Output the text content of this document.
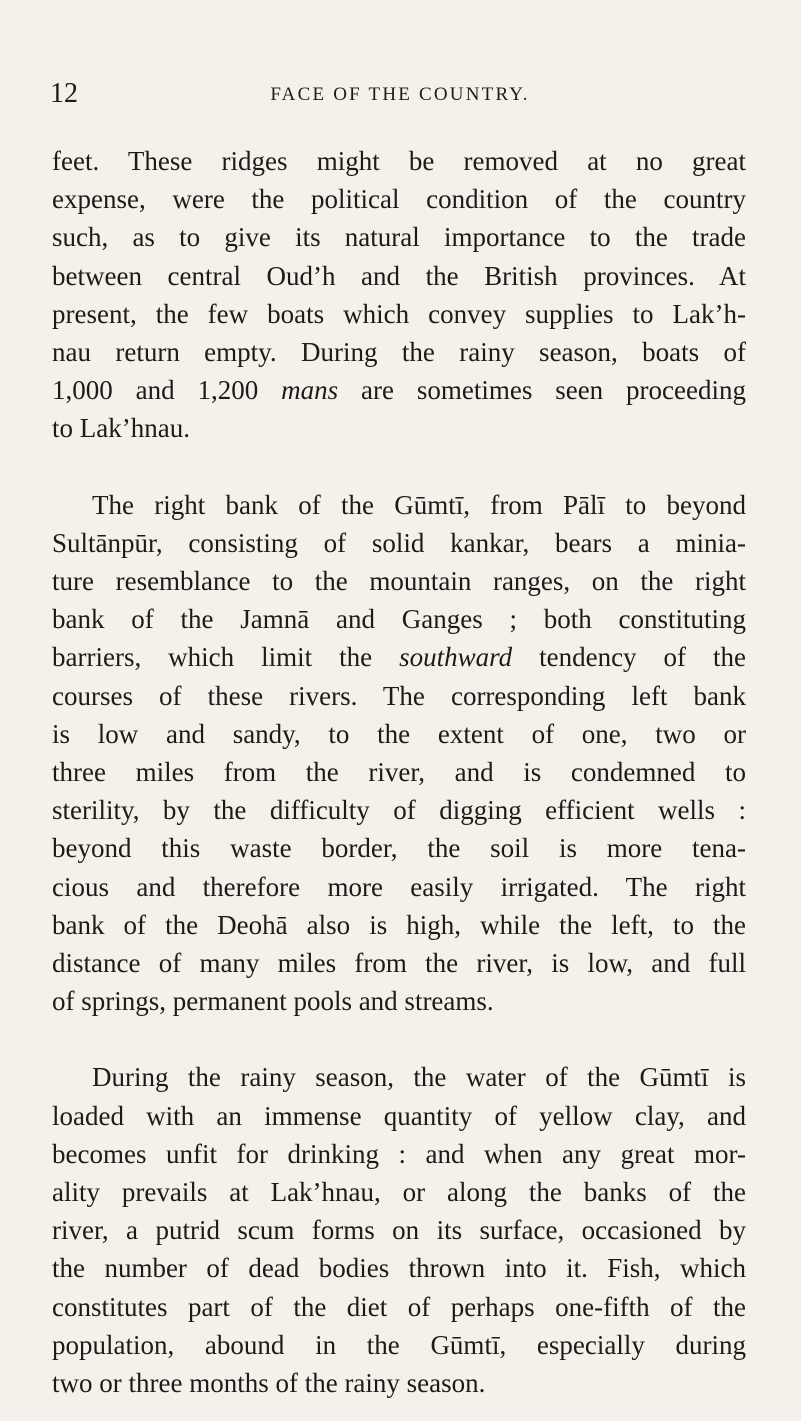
12	FACE OF THE COUNTRY.

feet. These ridges might be removed at no great
expense, were the political condition of the country
such, as to give its natural importance to the trade
between central Oud’h and the British provinces. At
present, the few boats which convey supplies to Lak’h-
nau return empty. During the rainy season, boats of
1,000 and 1,200 mans are sometimes seen proceeding
to Lak’hnau.

The right bank of the Gūmtī, from Pālī to beyond
Sultānpūr, consisting of solid kankar, bears a minia-
ture resemblance to the mountain ranges, on the right
bank of the Jamnā and Ganges ; both constituting
barriers, which limit the southward tendency of the
courses of these rivers. The corresponding left bank
is low and sandy, to the extent of one, two or
three miles from the river, and is condemned to
sterility, by the difficulty of digging efficient wells :
beyond this waste border, the soil is more tena-
cious and therefore more easily irrigated. The right
bank of the Deohā also is high, while the left, to the
distance of many miles from the river, is low, and full
of springs, permanent pools and streams.

During the rainy season, the water of the Gūmtī is
loaded with an immense quantity of yellow clay, and
becomes unfit for drinking : and when any great mor-
ality prevails at Lak’hnau, or along the banks of the
river, a putrid scum forms on its surface, occasioned by
the number of dead bodies thrown into it. Fish, which
constitutes part of the diet of perhaps one-fifth of the
population, abound in the Gūmtī, especially during
two or three months of the rainy season.
